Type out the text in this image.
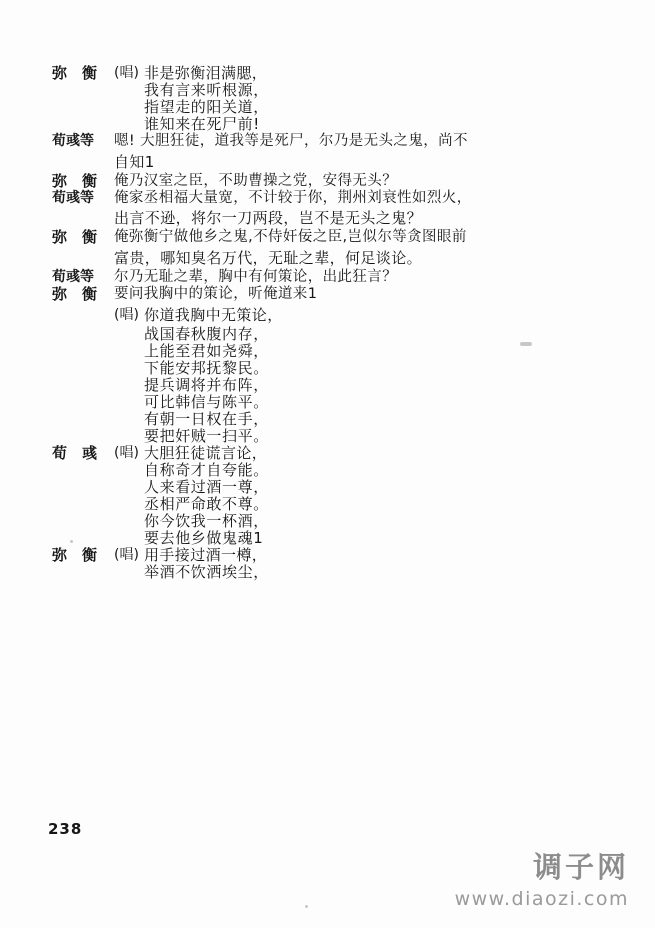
弥　衡	(唱) 非是弥衡泪满腮，
我有言来听根源，
指望走的阳关道，
谁知来在死尸前!
荀彧等	嗯! 大胆狂徒，道我等是死尸，尔乃是无头之鬼，尚不
自知1
弥　衡	俺乃汉室之臣，不助曹操之党，安得无头？
荀彧等	俺家丞相福大量宽，不计较于你，荆州刘衰性如烈火，
出言不逊，将尔一刀两段，岂不是无头之鬼？
弥　衡	俺弥衡宁做他乡之鬼,不侍奸佞之臣,岂似尔等贪图眼前
富贵，哪知臭名万代，无耻之辈，何足谈论。
荀彧等	尔乃无耻之辈，胸中有何策论，出此狂言？
弥　衡	要问我胸中的策论，听俺道来1
(唱) 你道我胸中无策论，
战国春秋腹内存，
上能至君如尧舜，
下能安邦抚黎民。
提兵调将并布阵，
可比韩信与陈平。
有朝一日权在手，
要把奸贼一扫平。
荀　彧	(唱) 大胆狂徒谎言论，
自称奇才自夸能。
人来看过酒一尊，
丞相严命敢不尊。
你今饮我一杯酒，
要去他乡做鬼魂1
弥　衡	(唱) 用手接过酒一樽，
举酒不饮洒埃尘，
238
调子网
www.diaozi.com
